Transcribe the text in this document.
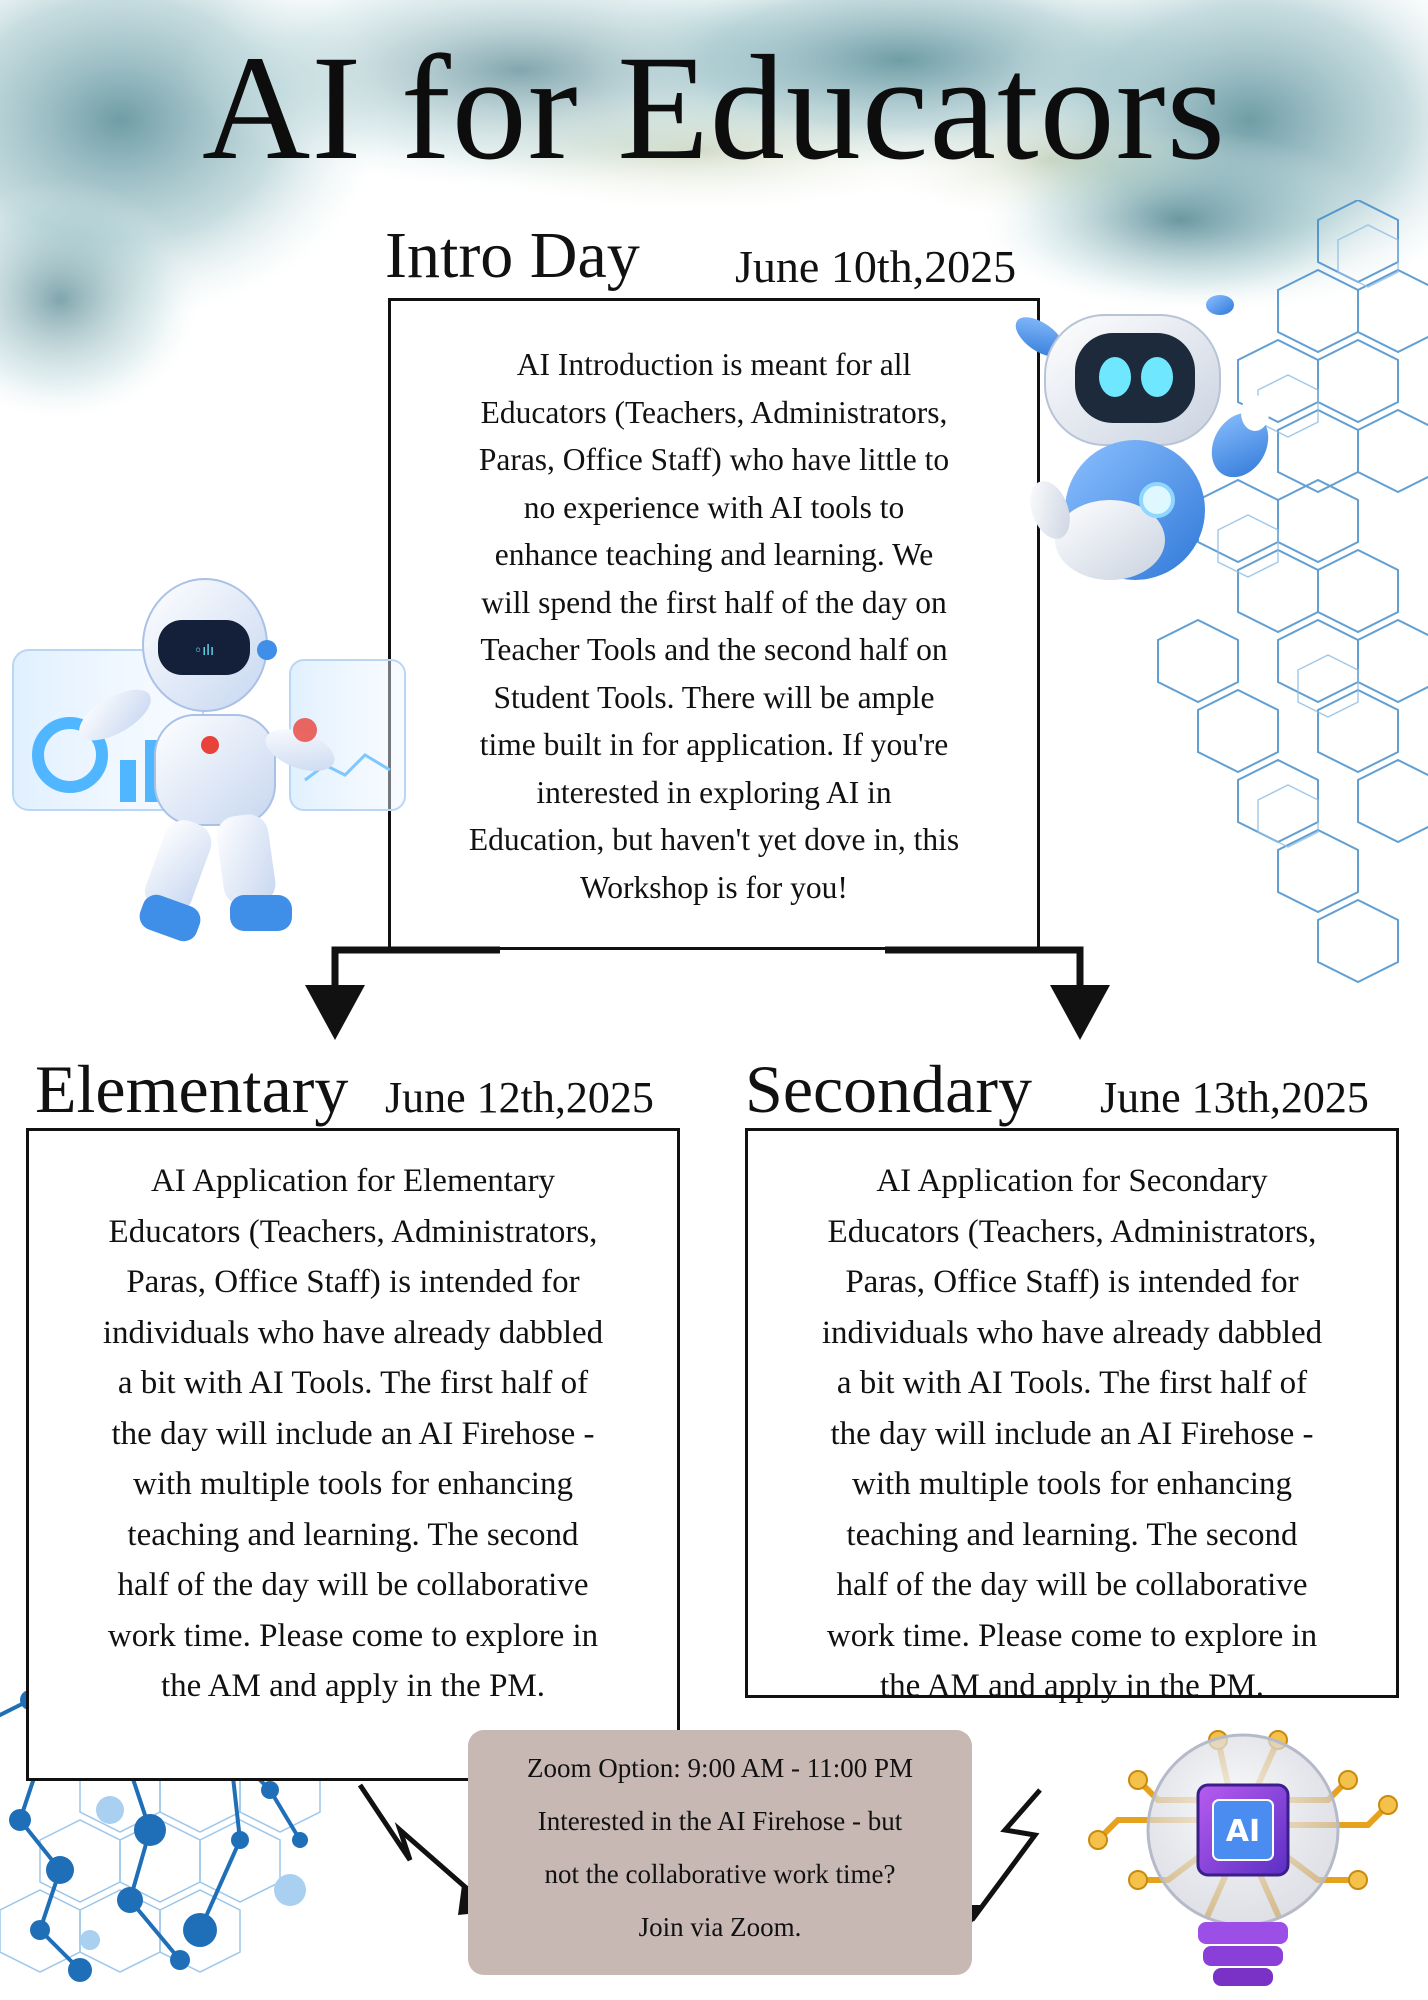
AI for Educators
Intro Day June 10th,2025
AI Introduction is meant for all
Educators (Teachers, Administrators,
Paras, Office Staff) who have little to
no experience with AI tools to
enhance teaching and learning. We
will spend the first half of the day on
Teacher Tools and the second half on
Student Tools. There will be ample
time built in for application. If you're
interested in exploring AI in
Education, but haven't yet dove in, this
Workshop is for you!
Elementary June 12th,2025
AI Application for Elementary
Educators (Teachers, Administrators,
Paras, Office Staff) is intended for
individuals who have already dabbled
a bit with AI Tools. The first half of
the day will include an AI Firehose -
with multiple tools for enhancing
teaching and learning. The second
half of the day will be collaborative
work time. Please come to explore in
the AM and apply in the PM.
Secondary June 13th,2025
AI Application for Secondary
Educators (Teachers, Administrators,
Paras, Office Staff) is intended for
individuals who have already dabbled
a bit with AI Tools. The first half of
the day will include an AI Firehose -
with multiple tools for enhancing
teaching and learning. The second
half of the day will be collaborative
work time. Please come to explore in
the AM and apply in the PM.
Zoom Option: 9:00 AM - 11:00 PM
Interested in the AI Firehose - but
not the collaborative work time?
Join via Zoom.
◦ılı
AI
